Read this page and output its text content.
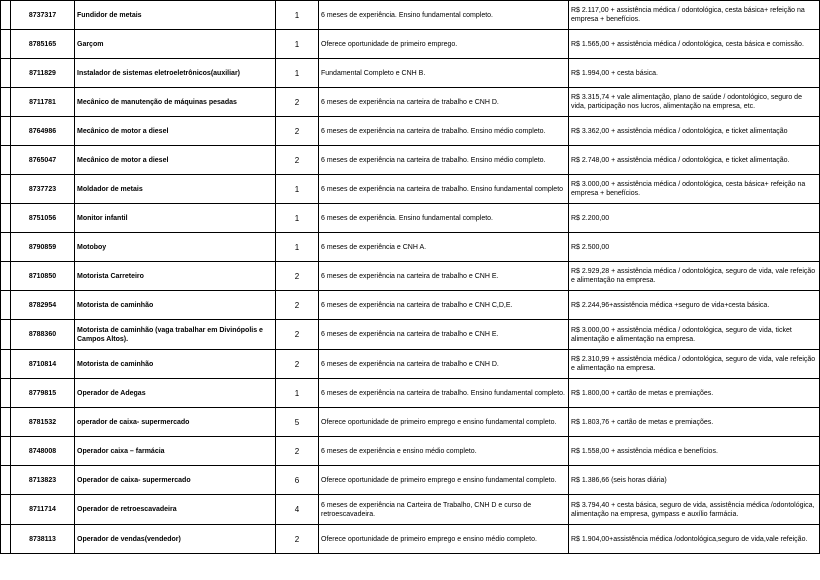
	8737317	Fundidor de metais	1	6 meses de experiência. Ensino fundamental completo.	R$ 2.117,00 + assistência médica / odontológica, cesta básica+ refeição na empresa + benefícios.
	8785165	Garçom	1	Oferece oportunidade de primeiro emprego.	R$ 1.565,00 + assistência médica / odontológica, cesta básica e comissão.
	8711829	Instalador de sistemas eletroeletrônicos(auxiliar)	1	Fundamental Completo e CNH B.	R$ 1.994,00 + cesta básica.
	8711781	Mecânico de manutenção de máquinas pesadas	2	6 meses de experiência na carteira de trabalho e CNH D.	R$ 3.315,74 + vale alimentação, plano de saúde / odontológico, seguro de vida, participação nos lucros, alimentação na empresa, etc.
	8764986	Mecânico de motor a diesel	2	6 meses de experiência na carteira de trabalho. Ensino médio completo.	R$ 3.362,00 + assistência médica / odontológica, e ticket alimentação
	8765047	Mecânico de motor a diesel	2	6 meses de experiência na carteira de trabalho. Ensino médio completo.	R$ 2.748,00 + assistência médica / odontológica, e ticket alimentação.
	8737723	Moldador de metais	1	6 meses de experiência na carteira de trabalho. Ensino fundamental completo	R$ 3.000,00 + assistência médica / odontológica, cesta básica+ refeição na empresa + benefícios.
	8751056	Monitor infantil	1	6 meses de experiência. Ensino fundamental completo.	R$ 2.200,00
	8790859	Motoboy	1	6 meses de experiência e CNH A.	R$ 2.500,00
	8710850	Motorista Carreteiro	2	6 meses de experiência na carteira de trabalho e CNH E.	R$ 2.929,28 + assistência médica / odontológica, seguro de vida, vale refeição e alimentação na empresa.
	8782954	Motorista de caminhão	2	6 meses de experiência na carteira de trabalho e CNH C,D,E.	R$ 2.244,96+assistência médica +seguro de vida+cesta básica.
	8788360	Motorista de caminhão (vaga trabalhar em Divinópolis e Campos Altos).	2	6 meses de experiência na carteira de trabalho e CNH E.	R$ 3.000,00 + assistência médica / odontológica, seguro de vida, ticket alimentação e alimentação na empresa.
	8710814	Motorista de caminhão	2	6 meses de experiência na carteira de trabalho e CNH D.	R$ 2.310,99 + assistência médica / odontológica, seguro de vida, vale refeição e alimentação na empresa.
	8779815	Operador de Adegas	1	6 meses de experiência na carteira de trabalho. Ensino fundamental completo.	R$ 1.800,00 + cartão de metas e premiações.
	8781532	operador de caixa- supermercado	5	Oferece oportunidade de primeiro emprego e ensino fundamental completo.	R$ 1.803,76 + cartão de metas e premiações.
	8748008	Operador caixa – farmácia	2	6 meses de experiência e ensino médio completo.	R$ 1.558,00 + assistência médica e benefícios.
	8713823	Operador de caixa- supermercado	6	Oferece oportunidade de primeiro emprego e ensino fundamental completo.	R$ 1.386,66 (seis horas diária)
	8711714	Operador de retroescavadeira	4	6 meses de experiência na Carteira de Trabalho, CNH D e curso de retroescavadeira.	R$ 3.794,40 + cesta básica, seguro de vida, assistência médica /odontológica, alimentação na empresa, gympass e auxílio farmácia.
	8738113	Operador de vendas(vendedor)	2	Oferece oportunidade de primeiro emprego e ensino médio completo.	R$ 1.904,00+assistência médica /odontológica,seguro de vida,vale refeição.
